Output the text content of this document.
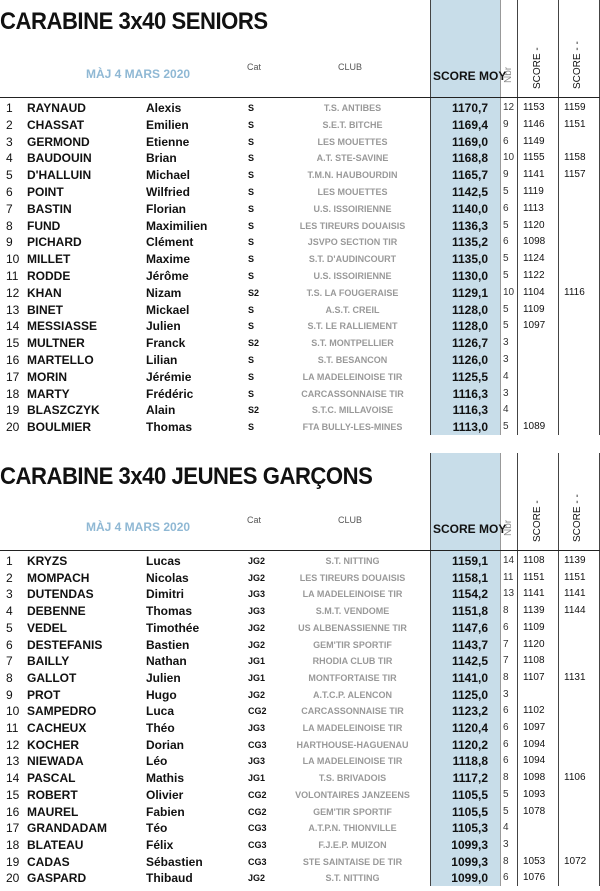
CARABINE 3x40 SENIORS
MÀJ 4 MARS 2020	Cat	CLUB
SCORE MOY
Nbr SCORE -	SCORE - -
1 RAYNAUD	Alexis	S	T.S. ANTIBES	1170,7 12 1153 1159
2 CHASSAT	Emilien	S	S.E.T. BITCHE	1169,4 9 1146 1151
3 GERMOND	Etienne	S	LES MOUETTES	1169,0 6 1149
4 BAUDOUIN	Brian	S	A.T. STE-SAVINE	1168,8 10 1155 1158
5 D'HALLUIN	Michael	S	T.M.N. HAUBOURDIN	1165,7 9 1141 1157
6 POINT	Wilfried	S	LES MOUETTES	1142,5 5 1119
7 BASTIN	Florian	S	U.S. ISSOIRIENNE	1140,0 6 1113
8 FUND	Maximilien	S	LES TIREURS DOUAISIS	1136,3 5 1120
9 PICHARD	Clément	S	JSVPO SECTION TIR	1135,2 6 1098
10 MILLET	Maxime	S	S.T. D'AUDINCOURT	1135,0 5 1124
11 RODDE	Jérôme	S	U.S. ISSOIRIENNE	1130,0 5 1122
12 KHAN	Nizam	S2	T.S. LA FOUGERAISE	1129,1 10 1104 1116
13 BINET	Mickael	S	A.S.T. CREIL	1128,0 5 1109
14 MESSIASSE	Julien	S	S.T. LE RALLIEMENT	1128,0 5 1097
15 MULTNER	Franck	S2	S.T. MONTPELLIER	1126,7 3
16 MARTELLO	Lilian	S	S.T. BESANCON	1126,0 3
17 MORIN	Jérémie	S	LA MADELEINOISE TIR	1125,5 4
18 MARTY	Frédéric	S	CARCASSONNAISE TIR	1116,3 3
19 BLASZCZYK	Alain	S2	S.T.C. MILLAVOISE	1116,3 4
20 BOULMIER	Thomas	S	FTA BULLY-LES-MINES	1113,0 5 1089
CARABINE 3x40 JEUNES GARÇONS
MÀJ 4 MARS 2020	Cat	CLUB
SCORE MOY
Nbr SCORE -	SCORE - -
1 KRYZS	Lucas	JG2	S.T. NITTING	1159,1 14 1108 1139
2 MOMPACH	Nicolas	JG2	LES TIREURS DOUAISIS	1158,1 11 1151 1151
3 DUTENDAS	Dimitri	JG3	LA MADELEINOISE TIR	1154,2 13 1141 1141
4 DEBENNE	Thomas	JG3	S.M.T. VENDOME	1151,8 8 1139 1144
5 VEDEL	Timothée	JG2	US ALBENASSIENNE TIR	1147,6 6 1109
6 DESTEFANIS	Bastien	JG2	GEM'TIR SPORTIF	1143,7 7 1120
7 BAILLY	Nathan	JG1	RHODIA CLUB TIR	1142,5 7 1108
8 GALLOT	Julien	JG1	MONTFORTAISE TIR	1141,0 8 1107 1131
9 PROT	Hugo	JG2	A.T.C.P. ALENCON	1125,0 3
10 SAMPEDRO	Luca	CG2	CARCASSONNAISE TIR	1123,2 6 1102
11 CACHEUX	Théo	JG3	LA MADELEINOISE TIR	1120,4 6 1097
12 KOCHER	Dorian	CG3	HARTHOUSE-HAGUENAU	1120,2 6 1094
13 NIEWADA	Léo	JG3	LA MADELEINOISE TIR	1118,8 6 1094
14 PASCAL	Mathis	JG1	T.S. BRIVADOIS	1117,2 8 1098 1106
15 ROBERT	Olivier	CG2	VOLONTAIRES JANZEENS	1105,5 5 1093
16 MAUREL	Fabien	CG2	GEM'TIR SPORTIF	1105,5 5 1078
17 GRANDADAM	Téo	CG3	A.T.P.N. THIONVILLE	1105,3 4
18 BLATEAU	Félix	CG3	F.J.E.P. MUIZON	1099,3 3
19 CADAS	Sébastien	CG3	STE SAINTAISE DE TIR	1099,3 8 1053 1072
20 GASPARD	Thibaud	JG2	S.T. NITTING	1099,0 6 1076
